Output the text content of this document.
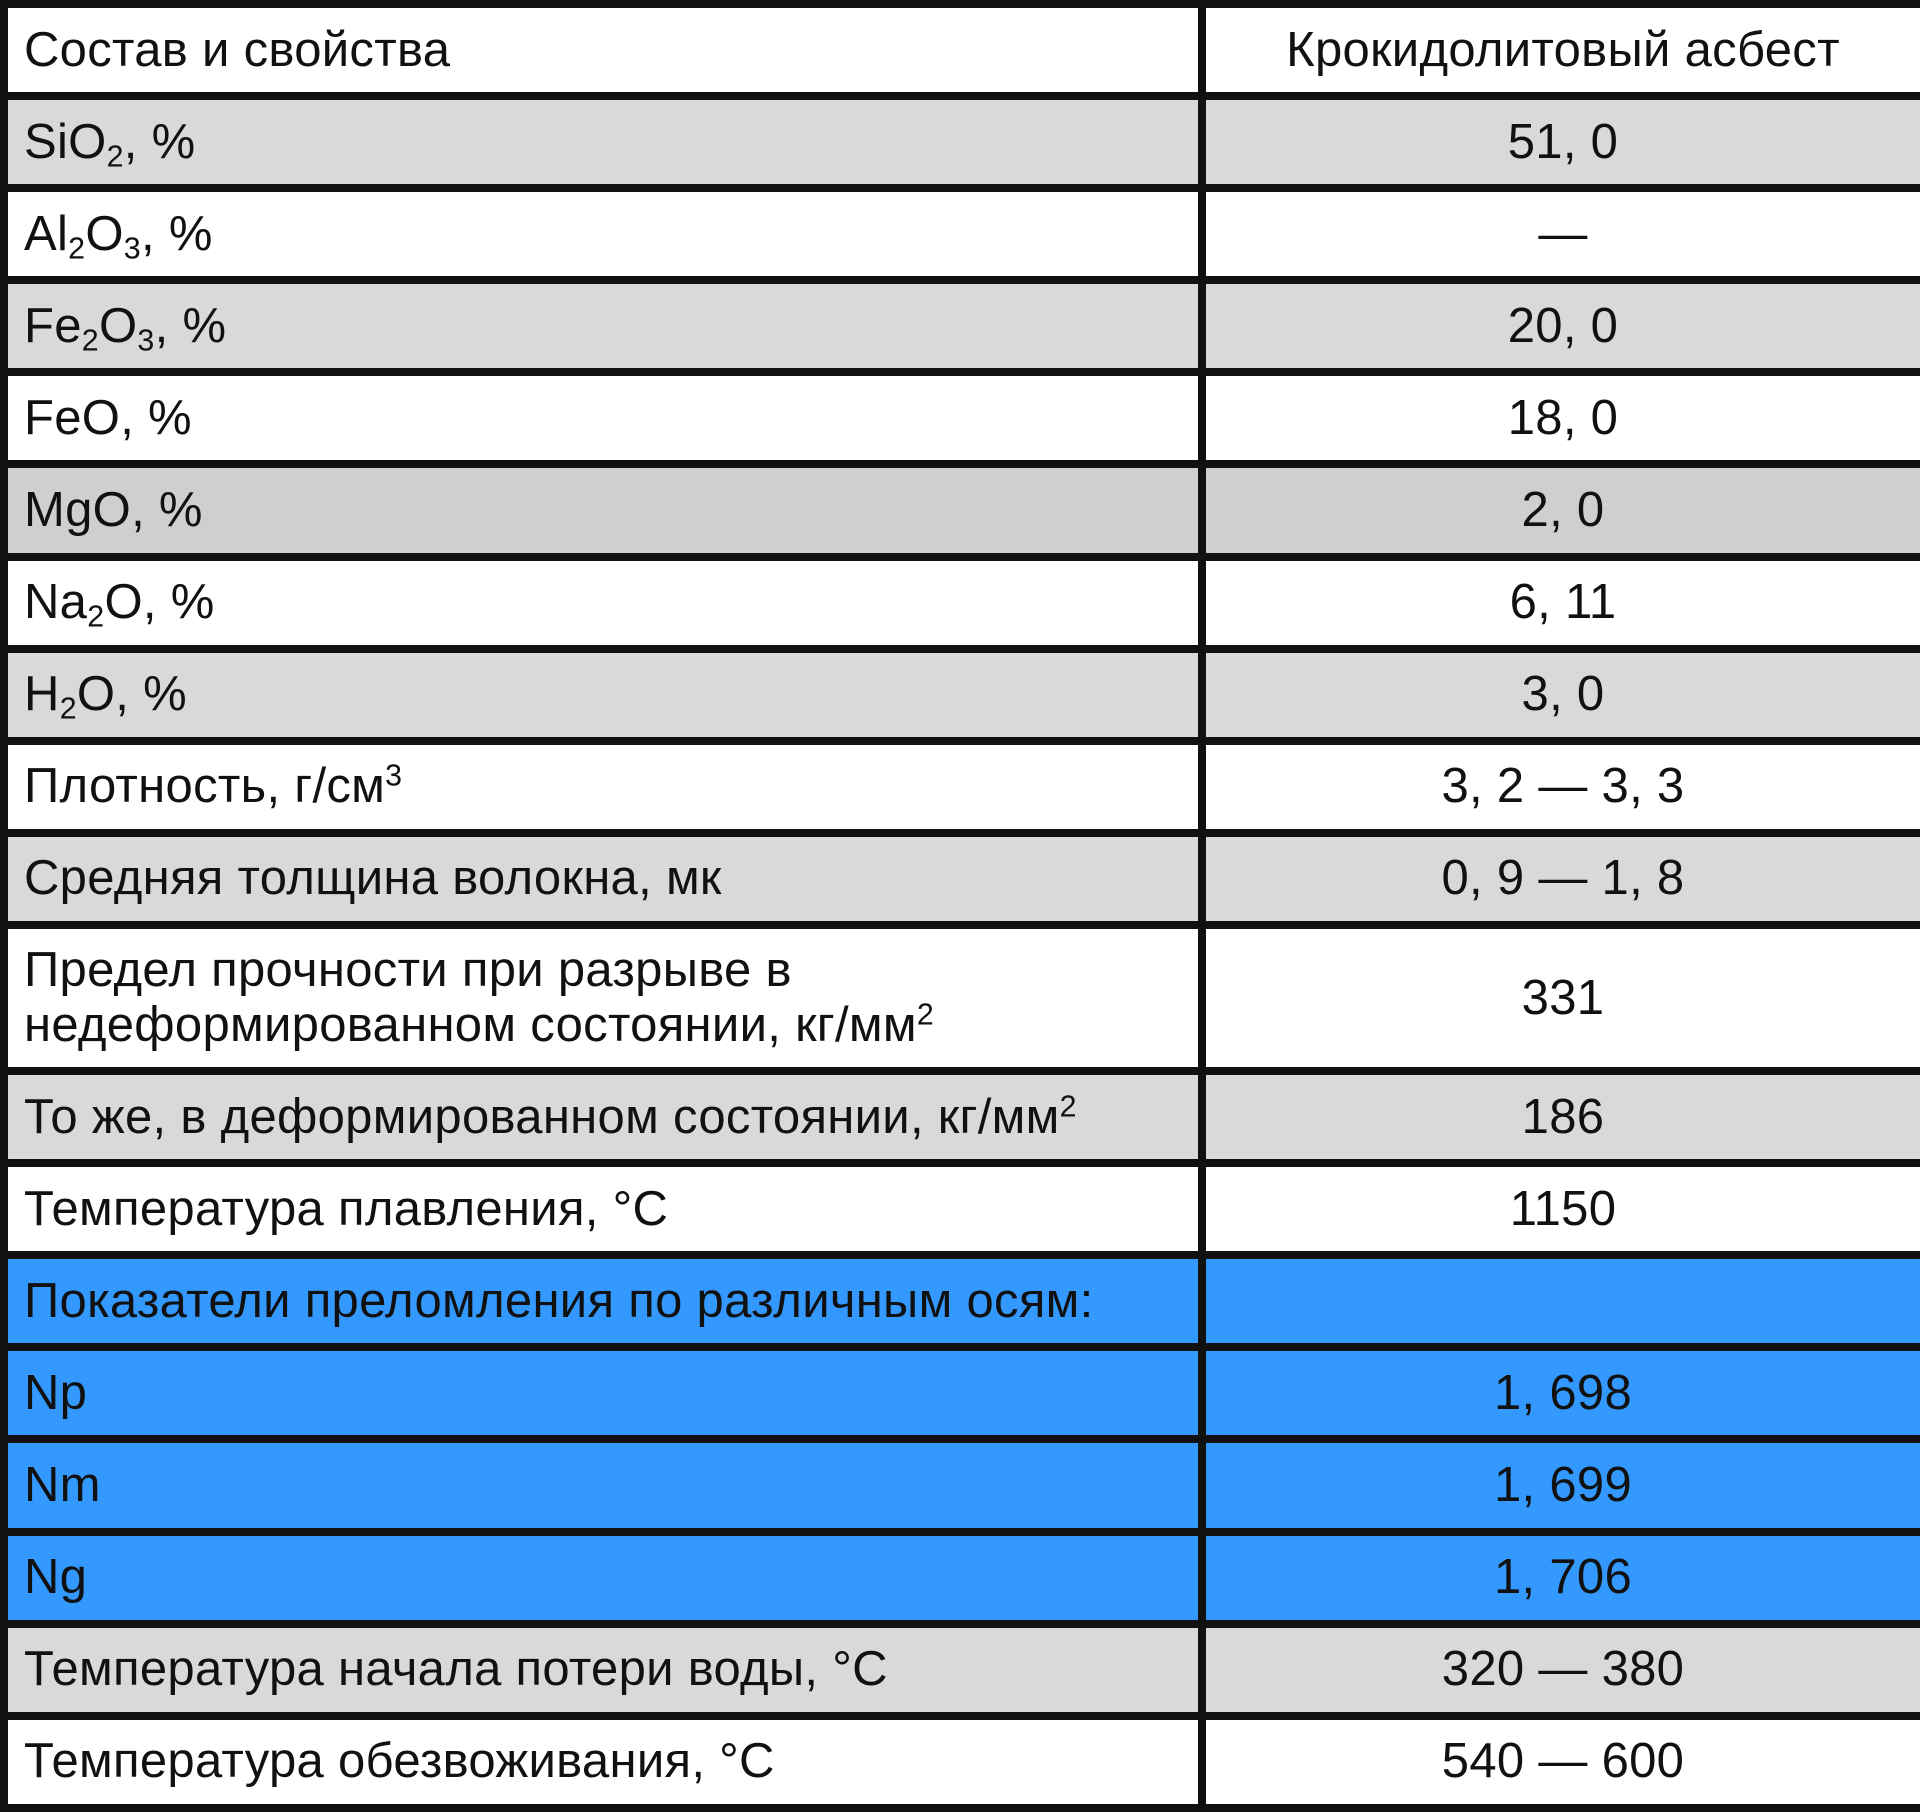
Состав и свойства	Крокидолитовый асбест
SiO$_2$, %	51, 0
$Al_2O_3$, %	—
$Fe_2O_3$, %	20, 0
FeO, %	18, 0
MgO, %	2, 0
$Na_2O$, %	6, 11
$H_2O$, %	3, 0
Плотность, $г/см^3$	3, 2 — 3, 3
Средняя толщина волокна, мк	0, 9 — 1, 8

Предел прочности при разрыве в
недеформированном состоянии, $кг/мм^2$	331
То же, в деформированном состоянии, $кг/мм^2$	186
Температура плавления, °С	1150
Показатели преломления по различным осям:	
Np	1, 698
Nm	1, 699
Ng	1, 706
Температура начала потери воды, °С	320 — 380
Температура обезвоживания, °С	540 — 600
